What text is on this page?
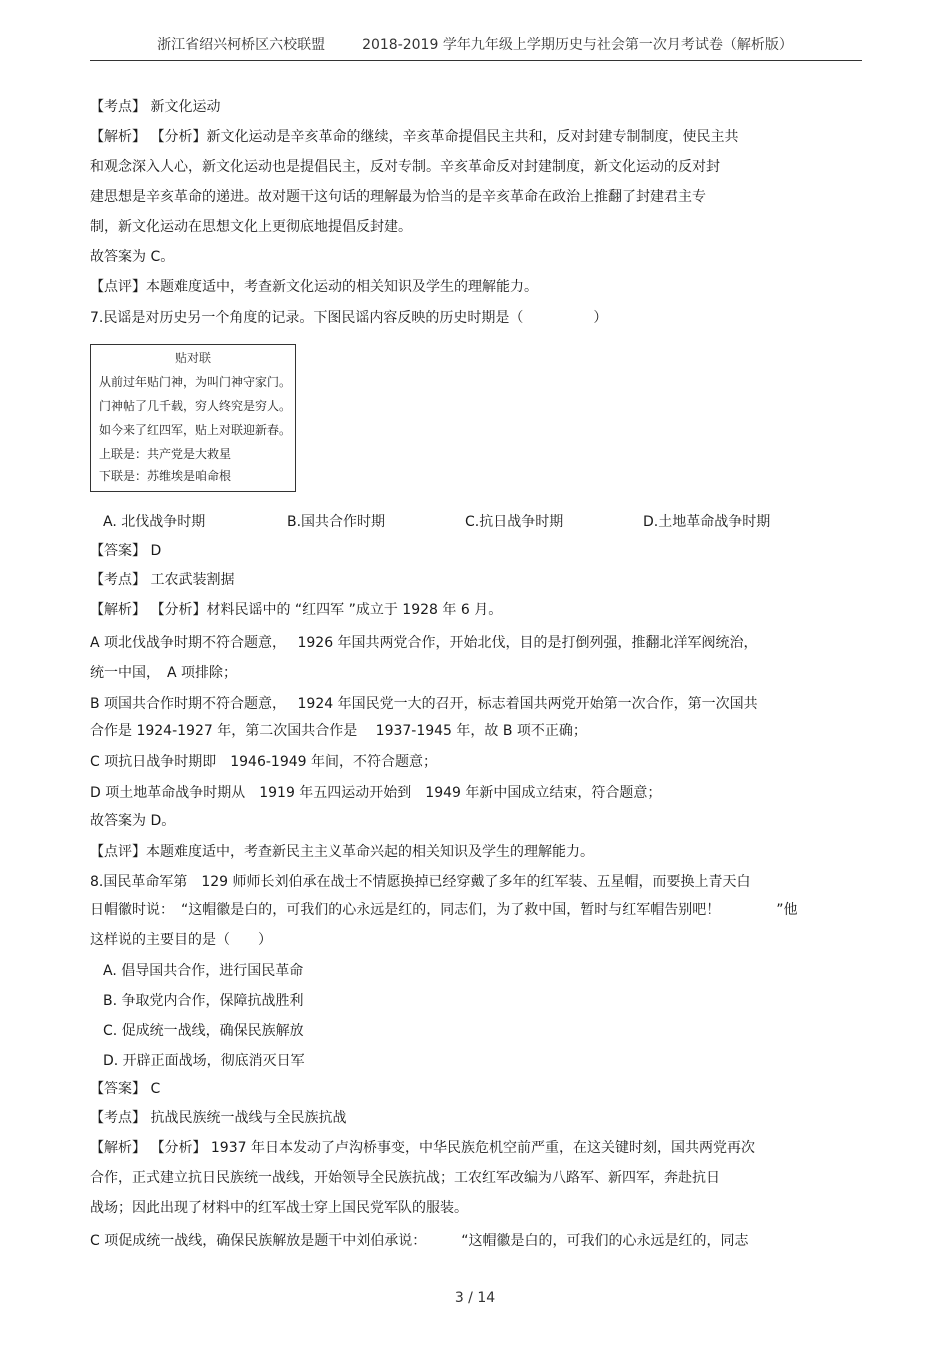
浙江省绍兴柯桥区六校联盟	2018-2019 学年九年级上学期历史与社会第一次月考试卷（解析版）
【考点】 新文化运动
【解析】 【分析】新文化运动是辛亥革命的继续，辛亥革命提倡民主共和，反对封建专制制度，使民主共
和观念深入人心，新文化运动也是提倡民主，反对专制。辛亥革命反对封建制度，新文化运动的反对封
建思想是辛亥革命的递进。故对题干这句话的理解最为恰当的是辛亥革命在政治上推翻了封建君主专
制，新文化运动在思想文化上更彻底地提倡反封建。
故答案为 C。
【点评】本题难度适中，考查新文化运动的相关知识及学生的理解能力。
7.民谣是对历史另一个角度的记录。下图民谣内容反映的历史时期是（　　　　　）
贴对联
从前过年贴门神，为叫门神守家门。
门神帖了几千载，穷人终究是穷人。
如今来了红四军，贴上对联迎新春。
上联是：共产党是大救星
下联是：苏维埃是咱命根
A. 北伐战争时期	B.国共合作时期	C.抗日战争时期	D.土地革命战争时期
【答案】 D
【考点】 工农武装割据
【解析】 【分析】材料民谣中的 “红四军 ”成立于 1928 年 6 月。
A 项北伐战争时期不符合题意，　 1926 年国共两党合作，开始北伐，目的是打倒列强，推翻北洋军阀统治，
统一中国，　A 项排除；
B 项国共合作时期不符合题意，　 1924 年国民党一大的召开，标志着国共两党开始第一次合作，第一次国共
合作是 1924-1927 年，第二次国共合作是　 1937-1945 年，故 B 项不正确；
C 项抗日战争时期即　1946-1949 年间，不符合题意；
D 项土地革命战争时期从　1919 年五四运动开始到　1949 年新中国成立结束，符合题意；
故答案为 D。
【点评】本题难度适中，考查新民主主义革命兴起的相关知识及学生的理解能力。
8.国民革命军第　129 师师长刘伯承在战士不情愿换掉已经穿戴了多年的红军装、五星帽，而要换上青天白
日帽徽时说：　“这帽徽是白的，可我们的心永远是红的，同志们，为了救中国，暂时与红军帽告别吧！　　　　”他
这样说的主要目的是（　　）
A. 倡导国共合作，进行国民革命
B. 争取党内合作，保障抗战胜利
C. 促成统一战线，确保民族解放
D. 开辟正面战场，彻底消灭日军
【答案】 C
【考点】 抗战民族统一战线与全民族抗战
【解析】 【分析】 1937 年日本发动了卢沟桥事变，中华民族危机空前严重，在这关键时刻，国共两党再次
合作，正式建立抗日民族统一战线，开始领导全民族抗战；工农红军改编为八路军、新四军，奔赴抗日
战场；因此出现了材料中的红军战士穿上国民党军队的服装。
C 项促成统一战线，确保民族解放是题干中刘伯承说：　　　“这帽徽是白的，可我们的心永远是红的，同志
3 / 14
